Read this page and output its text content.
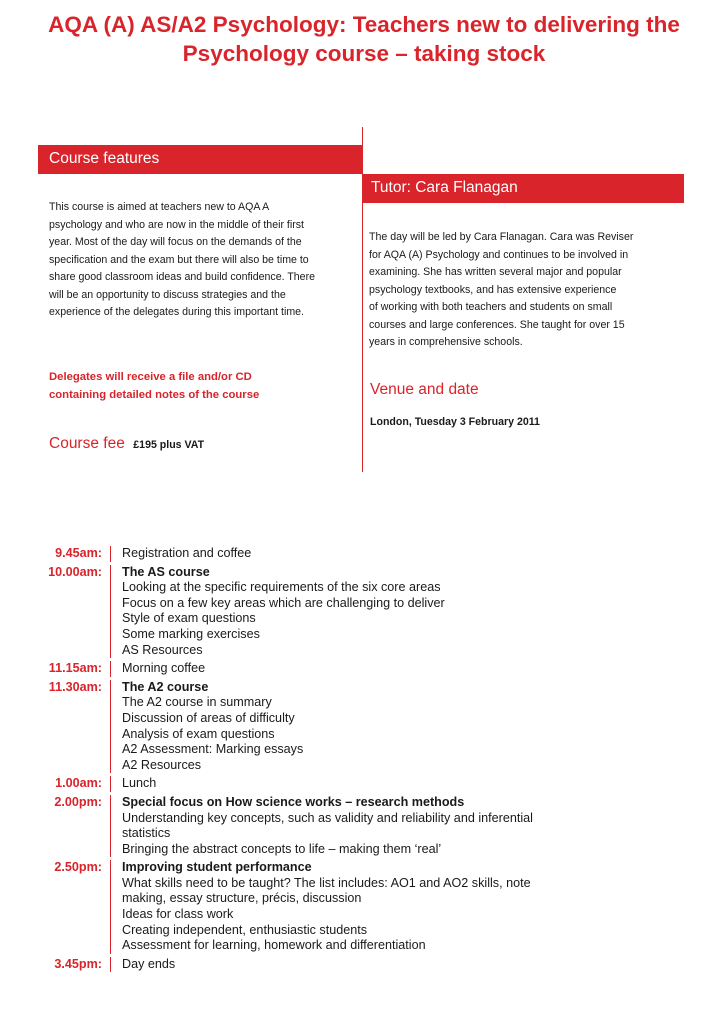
AQA (A) AS/A2 Psychology: Teachers new to delivering the
Psychology course – taking stock
Course features

This course is aimed at teachers new to AQA A
psychology and who are now in the middle of their first
year. Most of the day will focus on the demands of the
specification and the exam but there will also be time to
share good classroom ideas and build confidence. There
will be an opportunity to discuss strategies and the
experience of the delegates during this important time.

Tutor: Cara Flanagan

The day will be led by Cara Flanagan. Cara was Reviser
for AQA (A) Psychology and continues to be involved in
examining. She has written several major and popular
psychology textbooks, and has extensive experience
of working with both teachers and students on small
courses and large conferences. She taught for over 15
years in comprehensive schools.

Delegates will receive a file and/or CD
containing detailed notes of the course	Venue and date

London, Tuesday 3 February 2011

Course fee £195 plus VAT

9.45am:	Registration and coffee
10.00am:	The AS course
Looking at the specific requirements of the six core areas
Focus on a few key areas which are challenging to deliver
Style of exam questions
Some marking exercises
AS Resources
11.15am:	Morning coffee
11.30am:	The A2 course
The A2 course in summary
Discussion of areas of difficulty
Analysis of exam questions
A2 Assessment: Marking essays
A2 Resources
1.00am:	Lunch
2.00pm:	Special focus on How science works – research methods
Understanding key concepts, such as validity and reliability and inferential
statistics
Bringing the abstract concepts to life – making them ‘real’
2.50pm:	Improving student performance
What skills need to be taught? The list includes: AO1 and AO2 skills, note
making, essay structure, précis, discussion
Ideas for class work
Creating independent, enthusiastic students
Assessment for learning, homework and differentiation
3.45pm:	Day ends
